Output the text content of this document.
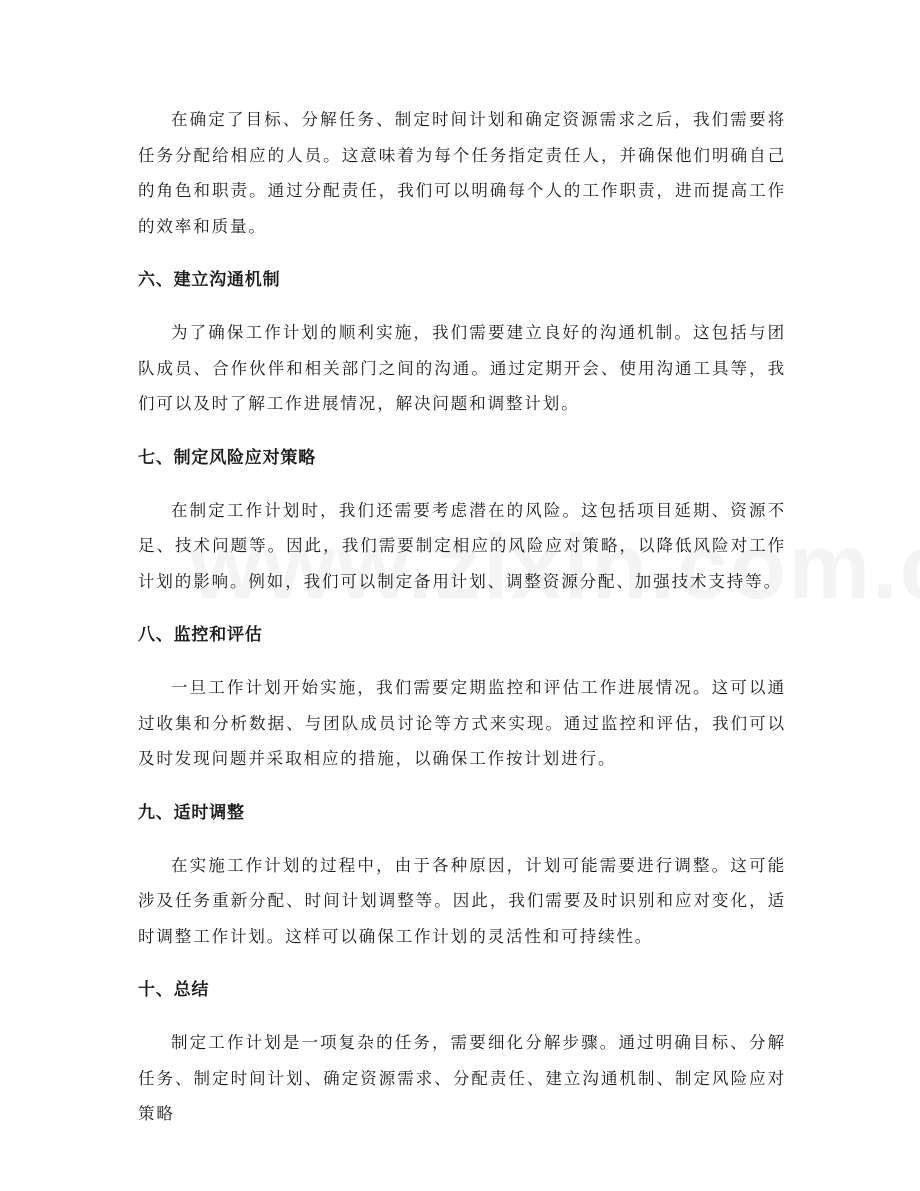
在确定了目标、分解任务、制定时间计划和确定资源需求之后，我们需要将任务分配给相应的人员。这意味着为每个任务指定责任人，并确保他们明确自己的角色和职责。通过分配责任，我们可以明确每个人的工作职责，进而提高工作的效率和质量。

六、建立沟通机制

为了确保工作计划的顺利实施，我们需要建立良好的沟通机制。这包括与团队成员、合作伙伴和相关部门之间的沟通。通过定期开会、使用沟通工具等，我们可以及时了解工作进展情况，解决问题和调整计划。

七、制定风险应对策略

在制定工作计划时，我们还需要考虑潜在的风险。这包括项目延期、资源不足、技术问题等。因此，我们需要制定相应的风险应对策略，以降低风险对工作计划的影响。例如，我们可以制定备用计划、调整资源分配、加强技术支持等。

八、监控和评估

一旦工作计划开始实施，我们需要定期监控和评估工作进展情况。这可以通过收集和分析数据、与团队成员讨论等方式来实现。通过监控和评估，我们可以及时发现问题并采取相应的措施，以确保工作按计划进行。

九、适时调整

在实施工作计划的过程中，由于各种原因，计划可能需要进行调整。这可能涉及任务重新分配、时间计划调整等。因此，我们需要及时识别和应对变化，适时调整工作计划。这样可以确保工作计划的灵活性和可持续性。

十、总结

制定工作计划是一项复杂的任务，需要细化分解步骤。通过明确目标、分解任务、制定时间计划、确定资源需求、分配责任、建立沟通机制、制定风险应对策略
